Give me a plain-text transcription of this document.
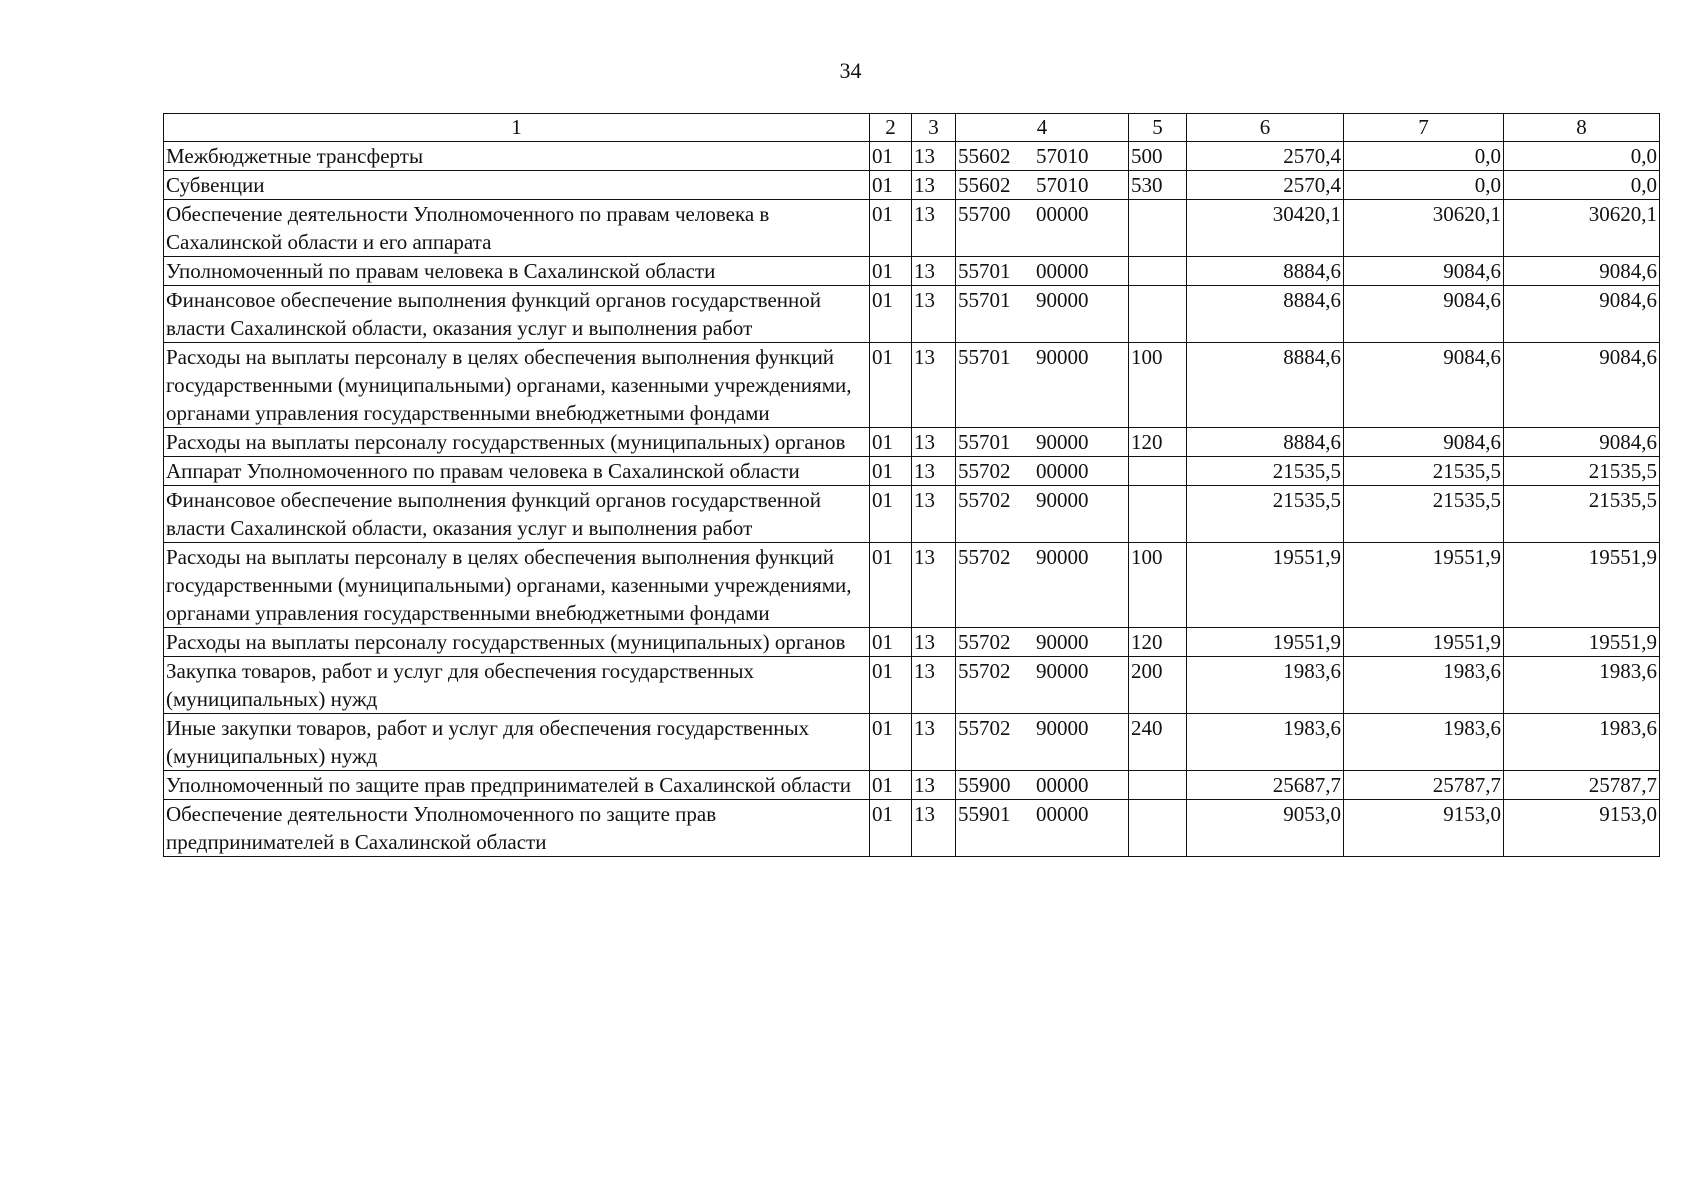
34
1	2	3	4	5	6	7	8
Межбюджетные трансферты	01	13	55602 57010	500	2570,4	0,0	0,0
Субвенции	01	13	55602 57010	530	2570,4	0,0	0,0
Обеспечение деятельности Уполномоченного по правам человека в Сахалинской области и его аппарата	01	13	55700 00000		30420,1	30620,1	30620,1
Уполномоченный по правам человека в Сахалинской области	01	13	55701 00000		8884,6	9084,6	9084,6
Финансовое обеспечение выполнения функций органов государственной власти Сахалинской области, оказания услуг и выполнения работ	01	13	55701 90000		8884,6	9084,6	9084,6
Расходы на выплаты персоналу в целях обеспечения выполнения функций государственными (муниципальными) органами, казенными учреждениями, органами управления государственными внебюджетными фондами	01	13	55701 90000	100	8884,6	9084,6	9084,6
Расходы на выплаты персоналу государственных (муниципальных) органов	01	13	55701 90000	120	8884,6	9084,6	9084,6
Аппарат Уполномоченного по правам человека в Сахалинской области	01	13	55702 00000		21535,5	21535,5	21535,5
Финансовое обеспечение выполнения функций органов государственной власти Сахалинской области, оказания услуг и выполнения работ	01	13	55702 90000		21535,5	21535,5	21535,5
Расходы на выплаты персоналу в целях обеспечения выполнения функций государственными (муниципальными) органами, казенными учреждениями, органами управления государственными внебюджетными фондами	01	13	55702 90000	100	19551,9	19551,9	19551,9
Расходы на выплаты персоналу государственных (муниципальных) органов	01	13	55702 90000	120	19551,9	19551,9	19551,9
Закупка товаров, работ и услуг для обеспечения государственных (муниципальных) нужд	01	13	55702 90000	200	1983,6	1983,6	1983,6
Иные закупки товаров, работ и услуг для обеспечения государственных (муниципальных) нужд	01	13	55702 90000	240	1983,6	1983,6	1983,6
Уполномоченный по защите прав предпринимателей в Сахалинской области	01	13	55900 00000		25687,7	25787,7	25787,7
Обеспечение деятельности Уполномоченного по защите прав предпринимателей в Сахалинской области	01	13	55901 00000		9053,0	9153,0	9153,0
